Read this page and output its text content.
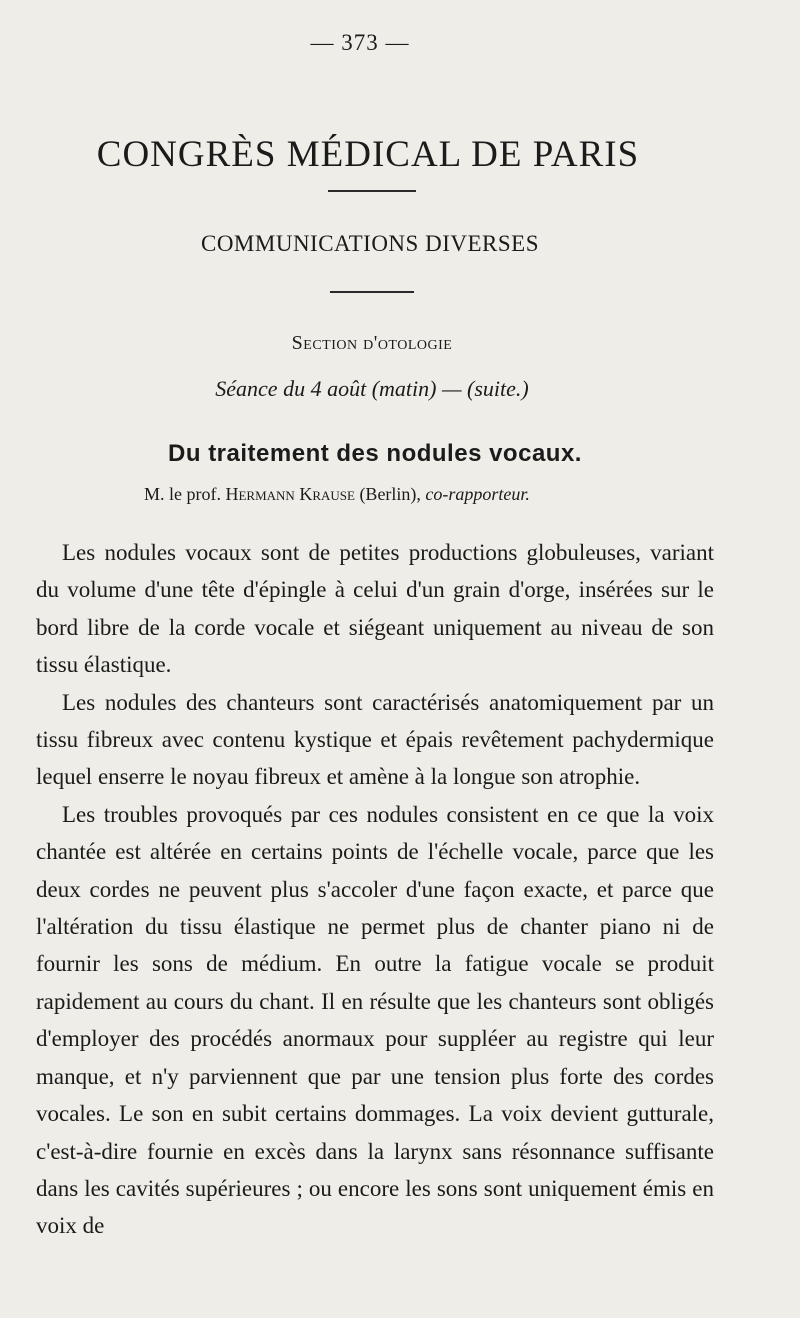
— 373 —
CONGRÈS MÉDICAL DE PARIS
COMMUNICATIONS DIVERSES
Section d'otologie
Séance du 4 août (matin) — (suite.)
Du traitement des nodules vocaux.
M. le prof. Hermann Krause (Berlin), co-rapporteur.

Les nodules vocaux sont de petites productions globuleuses, variant du volume d'une tête d'épingle à celui d'un grain d'orge, insérées sur le bord libre de la corde vocale et siégeant uniquement au niveau de son tissu élastique.

Les nodules des chanteurs sont caractérisés anatomiquement par un tissu fibreux avec contenu kystique et épais revêtement pachydermique lequel enserre le noyau fibreux et amène à la longue son atrophie.

Les troubles provoqués par ces nodules consistent en ce que la voix chantée est altérée en certains points de l'échelle vocale, parce que les deux cordes ne peuvent plus s'accoler d'une façon exacte, et parce que l'altération du tissu élastique ne permet plus de chanter piano ni de fournir les sons de médium. En outre la fatigue vocale se produit rapidement au cours du chant. Il en résulte que les chanteurs sont obligés d'employer des procédés anormaux pour suppléer au registre qui leur manque, et n'y parviennent que par une tension plus forte des cordes vocales. Le son en subit certains dommages. La voix devient gutturale, c'est-à-dire fournie en excès dans la larynx sans résonnance suffisante dans les cavités supérieures ; ou encore les sons sont uniquement émis en voix de
